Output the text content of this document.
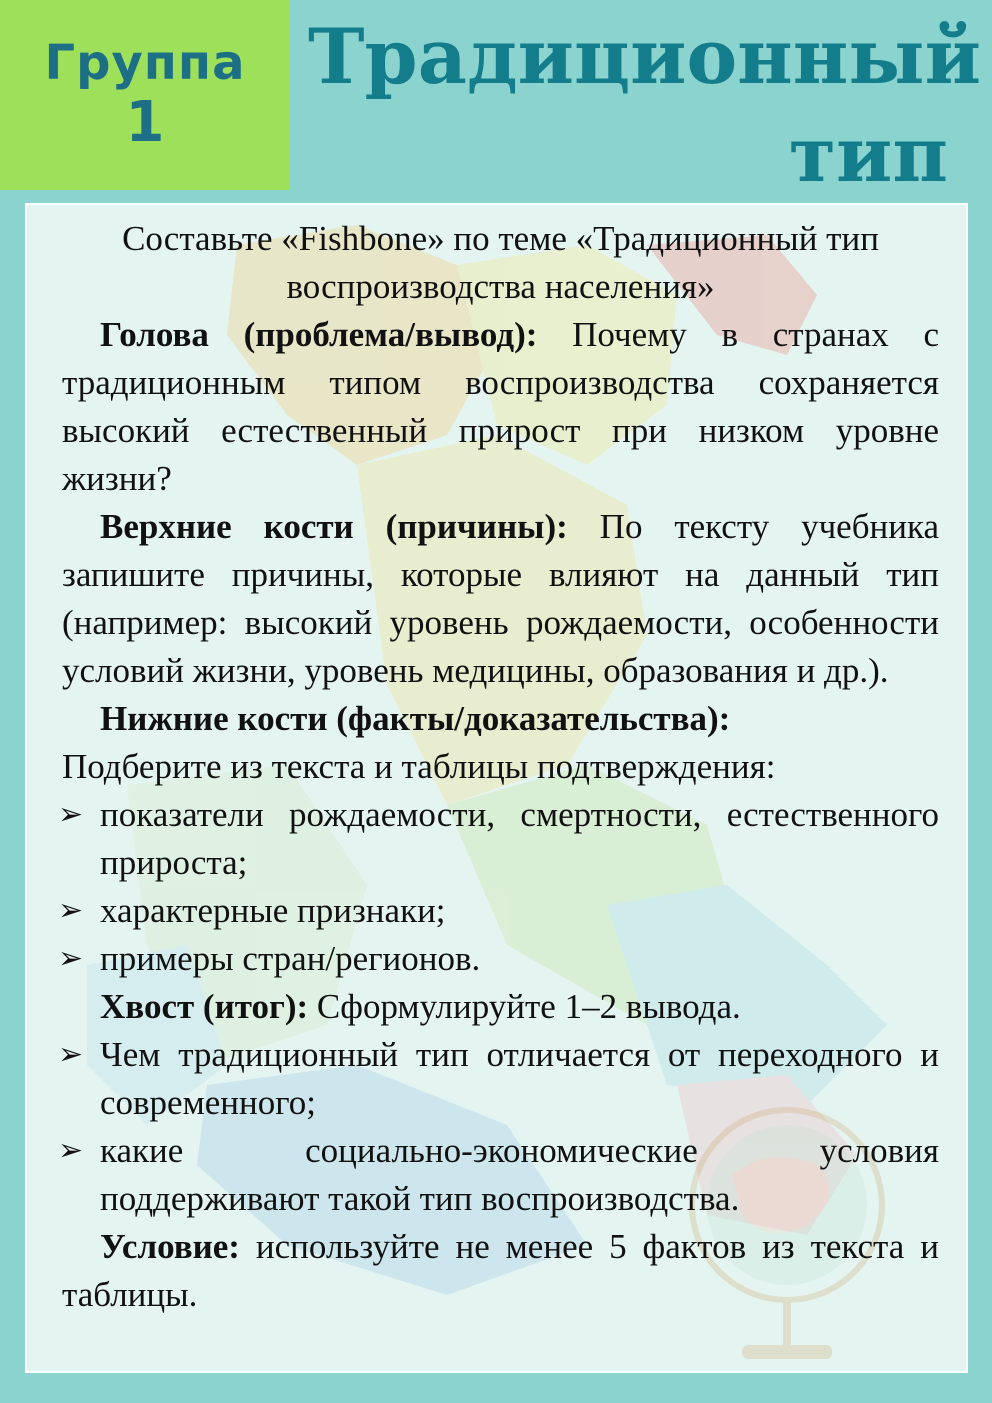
Группа
1
Традиционный
тип

Составьте «Fishbone» по теме «Традиционный тип воспроизводства населения»

Голова (проблема/вывод): Почему в странах с традиционным типом воспроизводства сохраняется высокий естественный прирост при низком уровне жизни?

Верхние кости (причины): По тексту учебника запишите причины, которые влияют на данный тип (например: высокий уровень рождаемости, особенности условий жизни, уровень медицины, образования и др.).

Нижние кости (факты/доказательства):

Подберите из текста и таблицы подтверждения:

➢ показатели рождаемости, смертности, естественного прироста;
➢ характерные признаки;
➢ примеры стран/регионов.

Хвост (итог): Сформулируйте 1–2 вывода.

➢ Чем традиционный тип отличается от переходного и современного;
➢ какие социально-экономические условия поддерживают такой тип воспроизводства.

Условие: используйте не менее 5 фактов из текста и таблицы.
